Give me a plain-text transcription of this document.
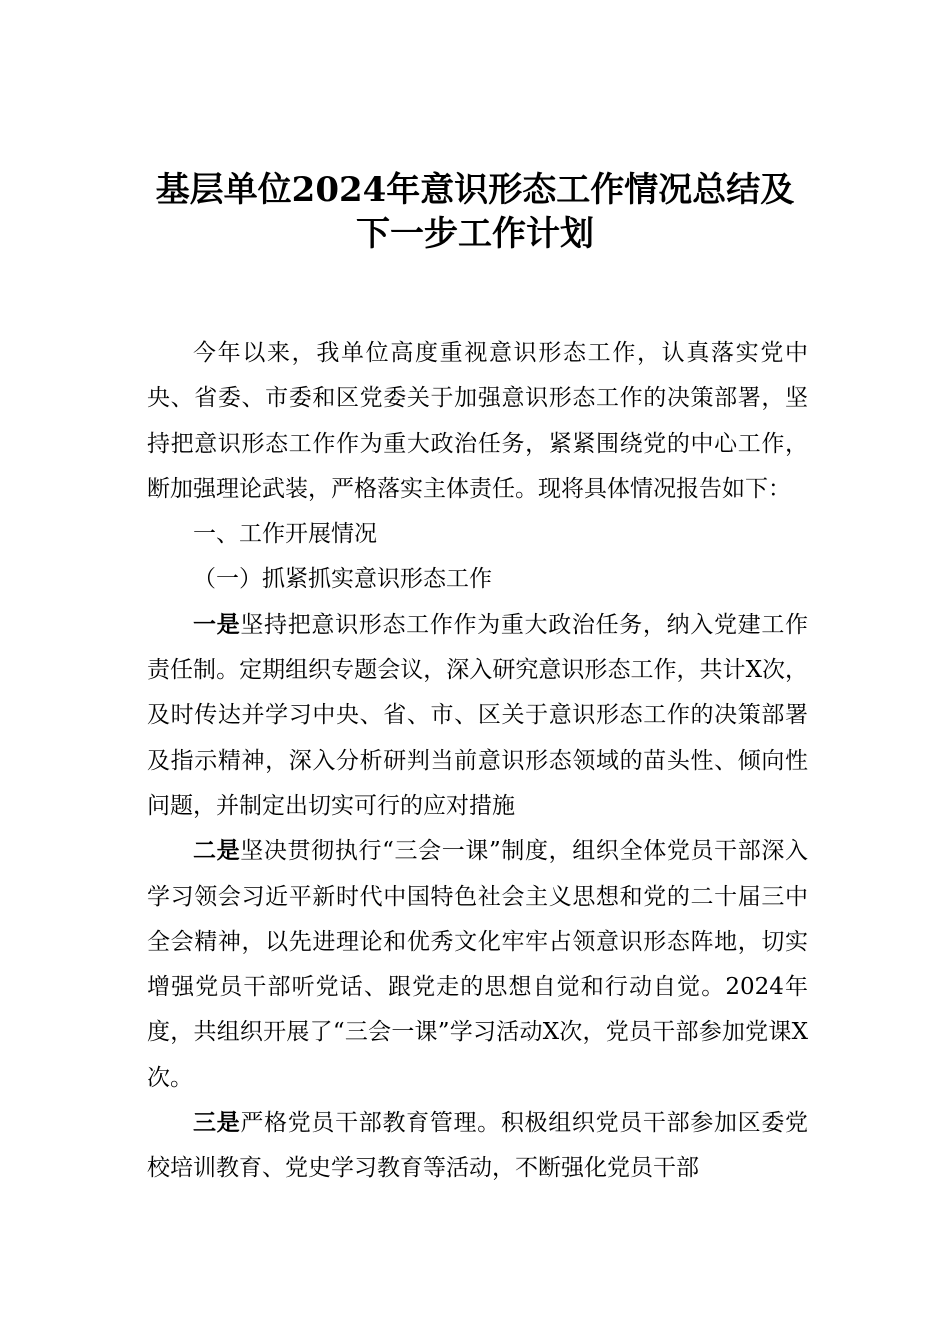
基层单位2024年意识形态工作情况总结及
下一步工作计划

今年以来，我单位高度重视意识形态工作，认真落实党中央、省委、市委和区党委关于加强意识形态工作的决策部署，坚持把意识形态工作作为重大政治任务，紧紧围绕党的中心工作，断加强理论武装，严格落实主体责任。现将具体情况报告如下：

一、工作开展情况

（一）抓紧抓实意识形态工作

一是坚持把意识形态工作作为重大政治任务，纳入党建工作责任制。定期组织专题会议，深入研究意识形态工作，共计X次，及时传达并学习中央、省、市、区关于意识形态工作的决策部署及指示精神，深入分析研判当前意识形态领域的苗头性、倾向性问题，并制定出切实可行的应对措施

二是坚决贯彻执行“三会一课”制度，组织全体党员干部深入学习领会习近平新时代中国特色社会主义思想和党的二十届三中全会精神，以先进理论和优秀文化牢牢占领意识形态阵地，切实增强党员干部听党话、跟党走的思想自觉和行动自觉。2024年度，共组织开展了“三会一课”学习活动X次，党员干部参加党课X次。

三是严格党员干部教育管理。积极组织党员干部参加区委党校培训教育、党史学习教育等活动，不断强化党员干部
